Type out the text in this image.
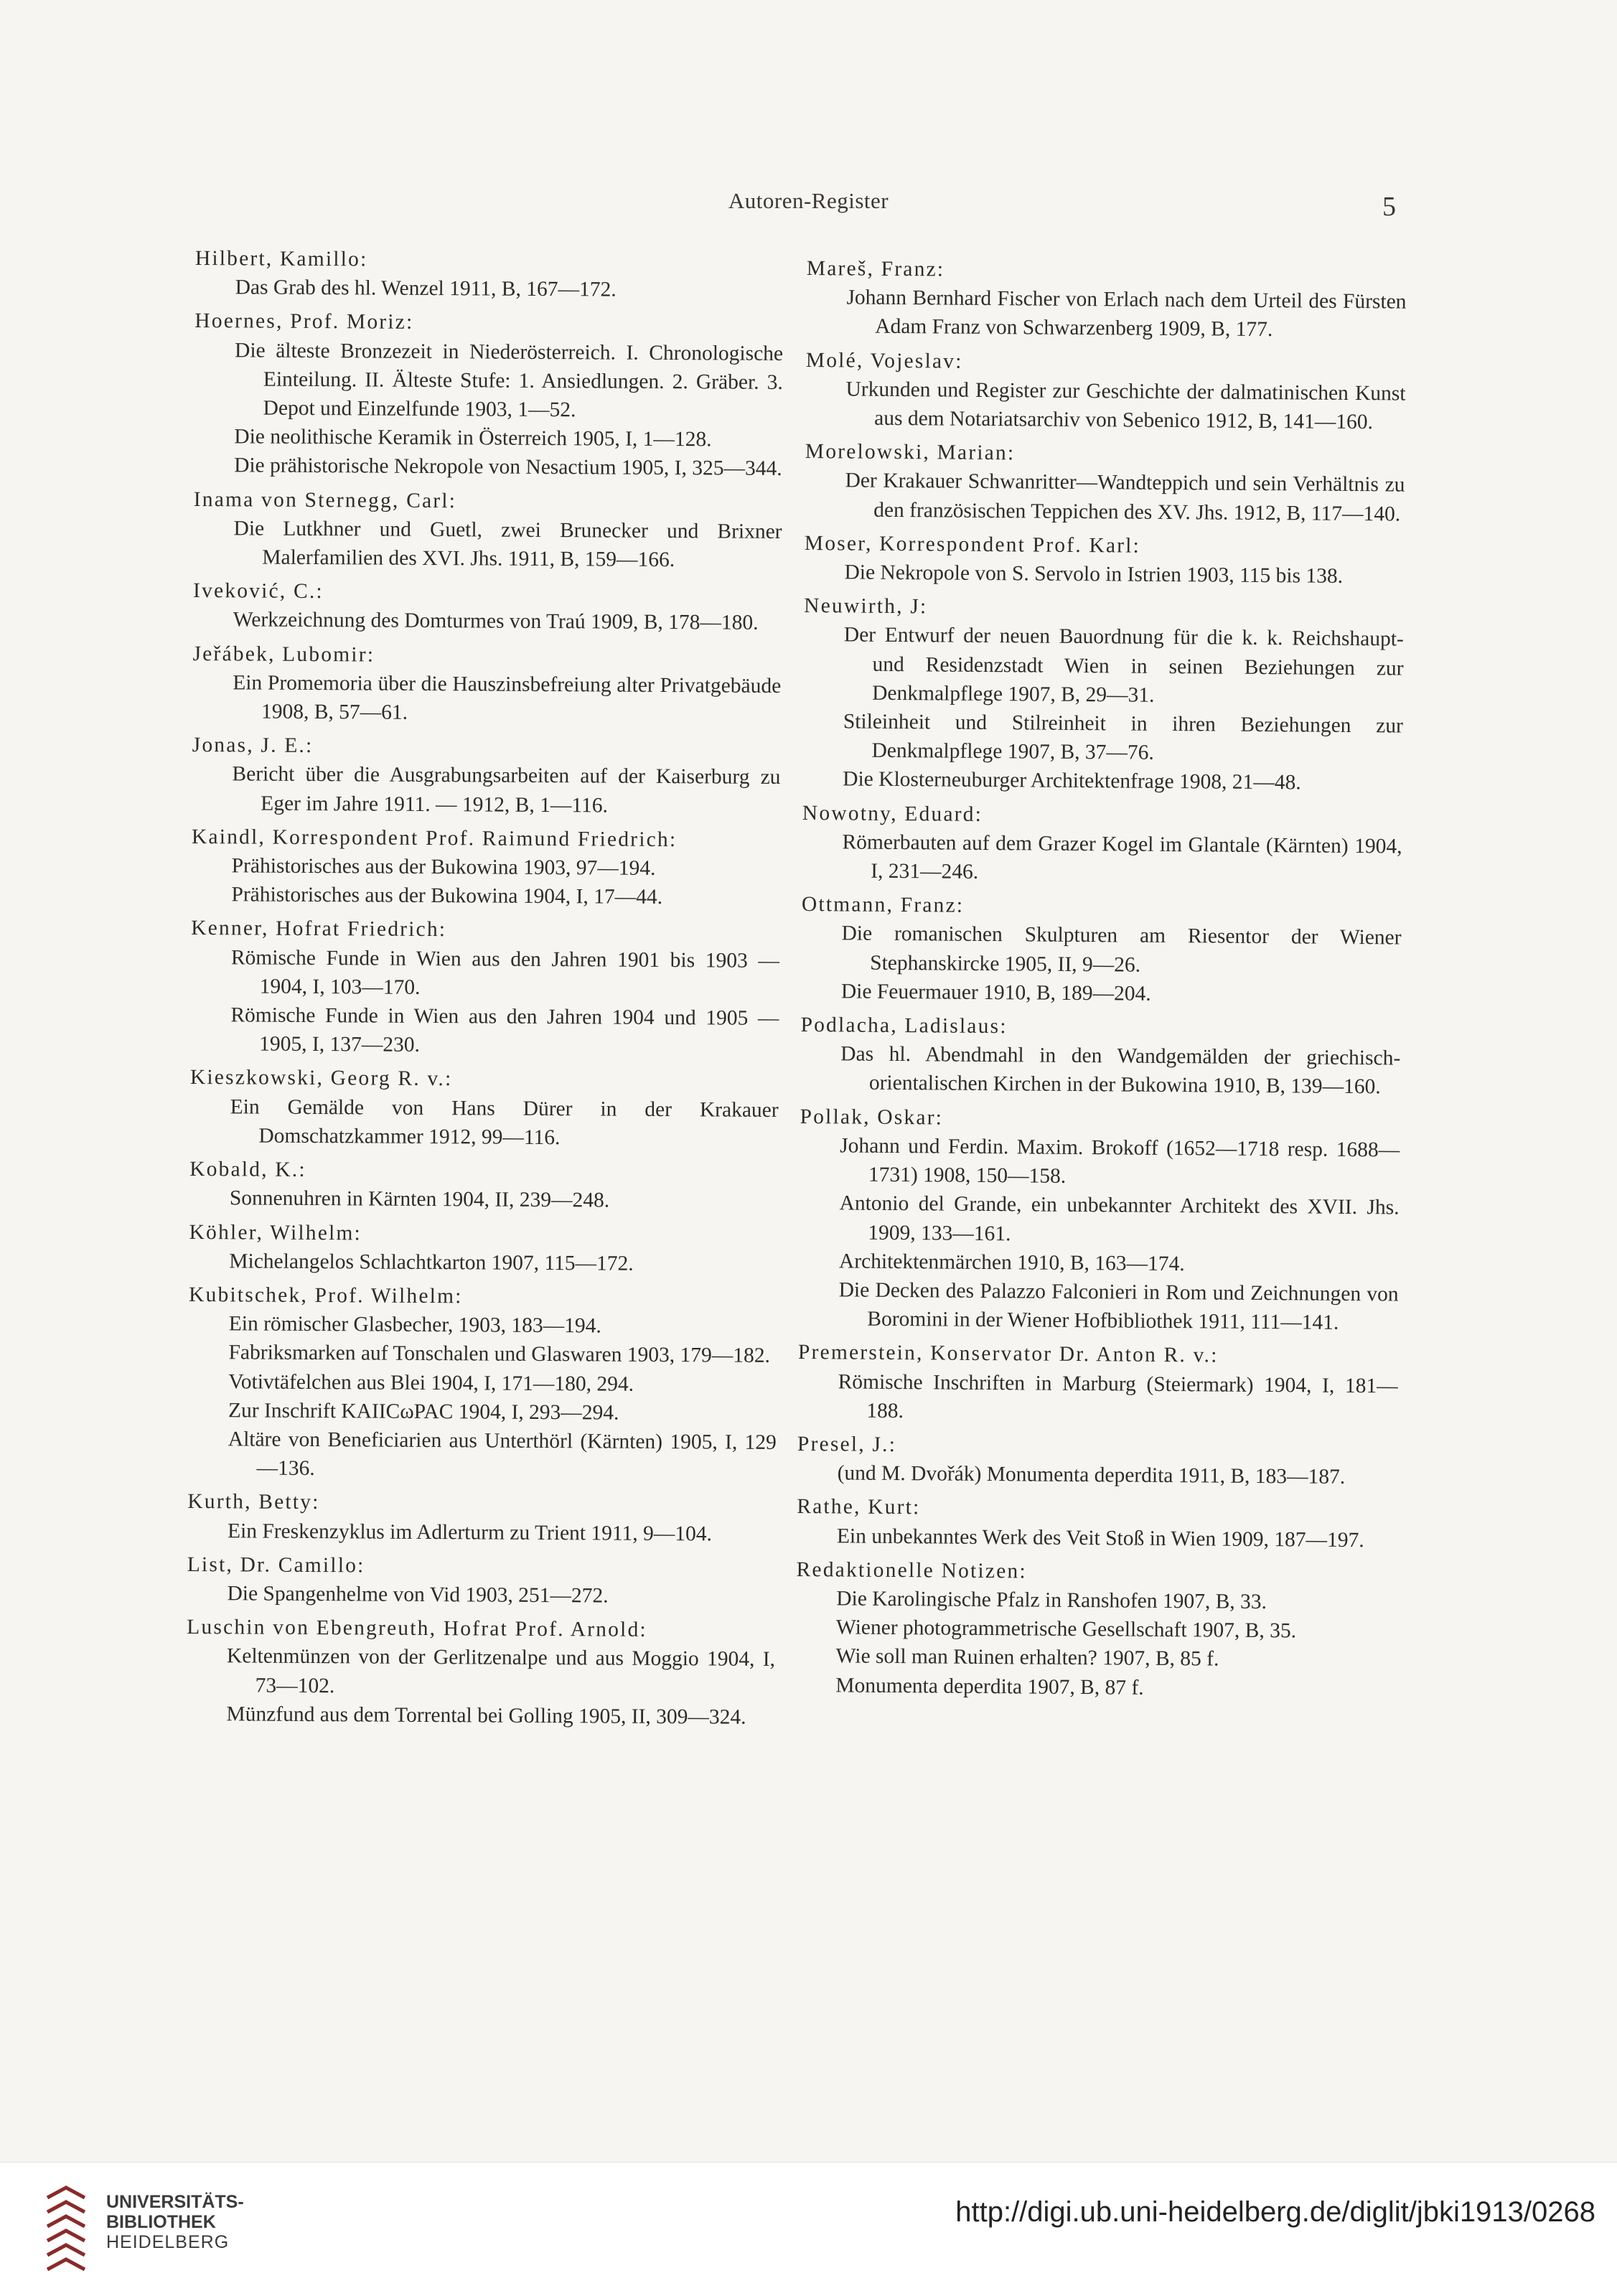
Autoren-Register	5
Hilbert, Kamillo:
Das Grab des hl. Wenzel 1911, B, 167—172.
Hoernes, Prof. Moriz:
Die älteste Bronzezeit in Niederösterreich. I. Chronologische Einteilung. II. Älteste Stufe: 1. Ansiedlungen. 2. Gräber. 3. Depot und Einzelfunde 1903, 1—52.
Die neolithische Keramik in Österreich 1905, I, 1—128.
Die prähistorische Nekropole von Nesactium 1905, I, 325—344.
Inama von Sternegg, Carl:
Die Lutkhner und Guetl, zwei Brunecker und Brixner Malerfamilien des XVI. Jhs. 1911, B, 159—166.
Iveković, C.:
Werkzeichnung des Domturmes von Traú 1909, B, 178—180.
Jeřábek, Lubomir:
Ein Promemoria über die Hauszinsbefreiung alter Privatgebäude 1908, B, 57—61.
Jonas, J. E.:
Bericht über die Ausgrabungsarbeiten auf der Kaiserburg zu Eger im Jahre 1911. — 1912, B, 1—116.
Kaindl, Korrespondent Prof. Raimund Friedrich:
Prähistorisches aus der Bukowina 1903, 97—194.
Prähistorisches aus der Bukowina 1904, I, 17—44.
Kenner, Hofrat Friedrich:
Römische Funde in Wien aus den Jahren 1901 bis 1903 — 1904, I, 103—170.
Römische Funde in Wien aus den Jahren 1904 und 1905 — 1905, I, 137—230.
Kieszkowski, Georg R. v.:
Ein Gemälde von Hans Dürer in der Krakauer Domschatzkammer 1912, 99—116.
Kobald, K.:
Sonnenuhren in Kärnten 1904, II, 239—248.
Köhler, Wilhelm:
Michelangelos Schlachtkarton 1907, 115—172.
Kubitschek, Prof. Wilhelm:
Ein römischer Glasbecher, 1903, 183—194.
Fabriksmarken auf Tonschalen und Glaswaren 1903, 179—182.
Votivtäfelchen aus Blei 1904, I, 171—180, 294.
Zur Inschrift KAIICωPAC 1904, I, 293—294.
Altäre von Beneficiarien aus Unterthörl (Kärnten) 1905, I, 129—136.
Kurth, Betty:
Ein Freskenzyklus im Adlerturm zu Trient 1911, 9—104.
List, Dr. Camillo:
Die Spangenhelme von Vid 1903, 251—272.
Luschin von Ebengreuth, Hofrat Prof. Arnold:
Keltenmünzen von der Gerlitzenalpe und aus Moggio 1904, I, 73—102.
Münzfund aus dem Torrental bei Golling 1905, II, 309—324.
Mareš, Franz:
Johann Bernhard Fischer von Erlach nach dem Urteil des Fürsten Adam Franz von Schwarzenberg 1909, B, 177.
Molé, Vojeslav:
Urkunden und Register zur Geschichte der dalmatinischen Kunst aus dem Notariatsarchiv von Sebenico 1912, B, 141—160.
Morelowski, Marian:
Der Krakauer Schwanritter—Wandteppich und sein Verhältnis zu den französischen Teppichen des XV. Jhs. 1912, B, 117—140.
Moser, Korrespondent Prof. Karl:
Die Nekropole von S. Servolo in Istrien 1903, 115 bis 138.
Neuwirth, J:
Der Entwurf der neuen Bauordnung für die k. k. Reichshaupt- und Residenzstadt Wien in seinen Beziehungen zur Denkmalpflege 1907, B, 29—31.
Stileinheit und Stilreinheit in ihren Beziehungen zur Denkmalpflege 1907, B, 37—76.
Die Klosterneuburger Architektenfrage 1908, 21—48.
Nowotny, Eduard:
Römerbauten auf dem Grazer Kogel im Glantale (Kärnten) 1904, I, 231—246.
Ottmann, Franz:
Die romanischen Skulpturen am Riesentor der Wiener Stephanskircke 1905, II, 9—26.
Die Feuermauer 1910, B, 189—204.
Podlacha, Ladislaus:
Das hl. Abendmahl in den Wandgemälden der griechisch-orientalischen Kirchen in der Bukowina 1910, B, 139—160.
Pollak, Oskar:
Johann und Ferdin. Maxim. Brokoff (1652—1718 resp. 1688—1731) 1908, 150—158.
Antonio del Grande, ein unbekannter Architekt des XVII. Jhs. 1909, 133—161.
Architektenmärchen 1910, B, 163—174.
Die Decken des Palazzo Falconieri in Rom und Zeichnungen von Boromini in der Wiener Hofbibliothek 1911, 111—141.
Premerstein, Konservator Dr. Anton R. v.:
Römische Inschriften in Marburg (Steiermark) 1904, I, 181—188.
Presel, J.:
(und M. Dvořák) Monumenta deperdita 1911, B, 183—187.
Rathe, Kurt:
Ein unbekanntes Werk des Veit Stoß in Wien 1909, 187—197.
Redaktionelle Notizen:
Die Karolingische Pfalz in Ranshofen 1907, B, 33.
Wiener photogrammetrische Gesellschaft 1907, B, 35.
Wie soll man Ruinen erhalten? 1907, B, 85 f.
Monumenta deperdita 1907, B, 87 f.
UNIVERSITÄTS-
BIBLIOTHEK
HEIDELBERG
http://digi.ub.uni-heidelberg.de/diglit/jbki1913/0268
